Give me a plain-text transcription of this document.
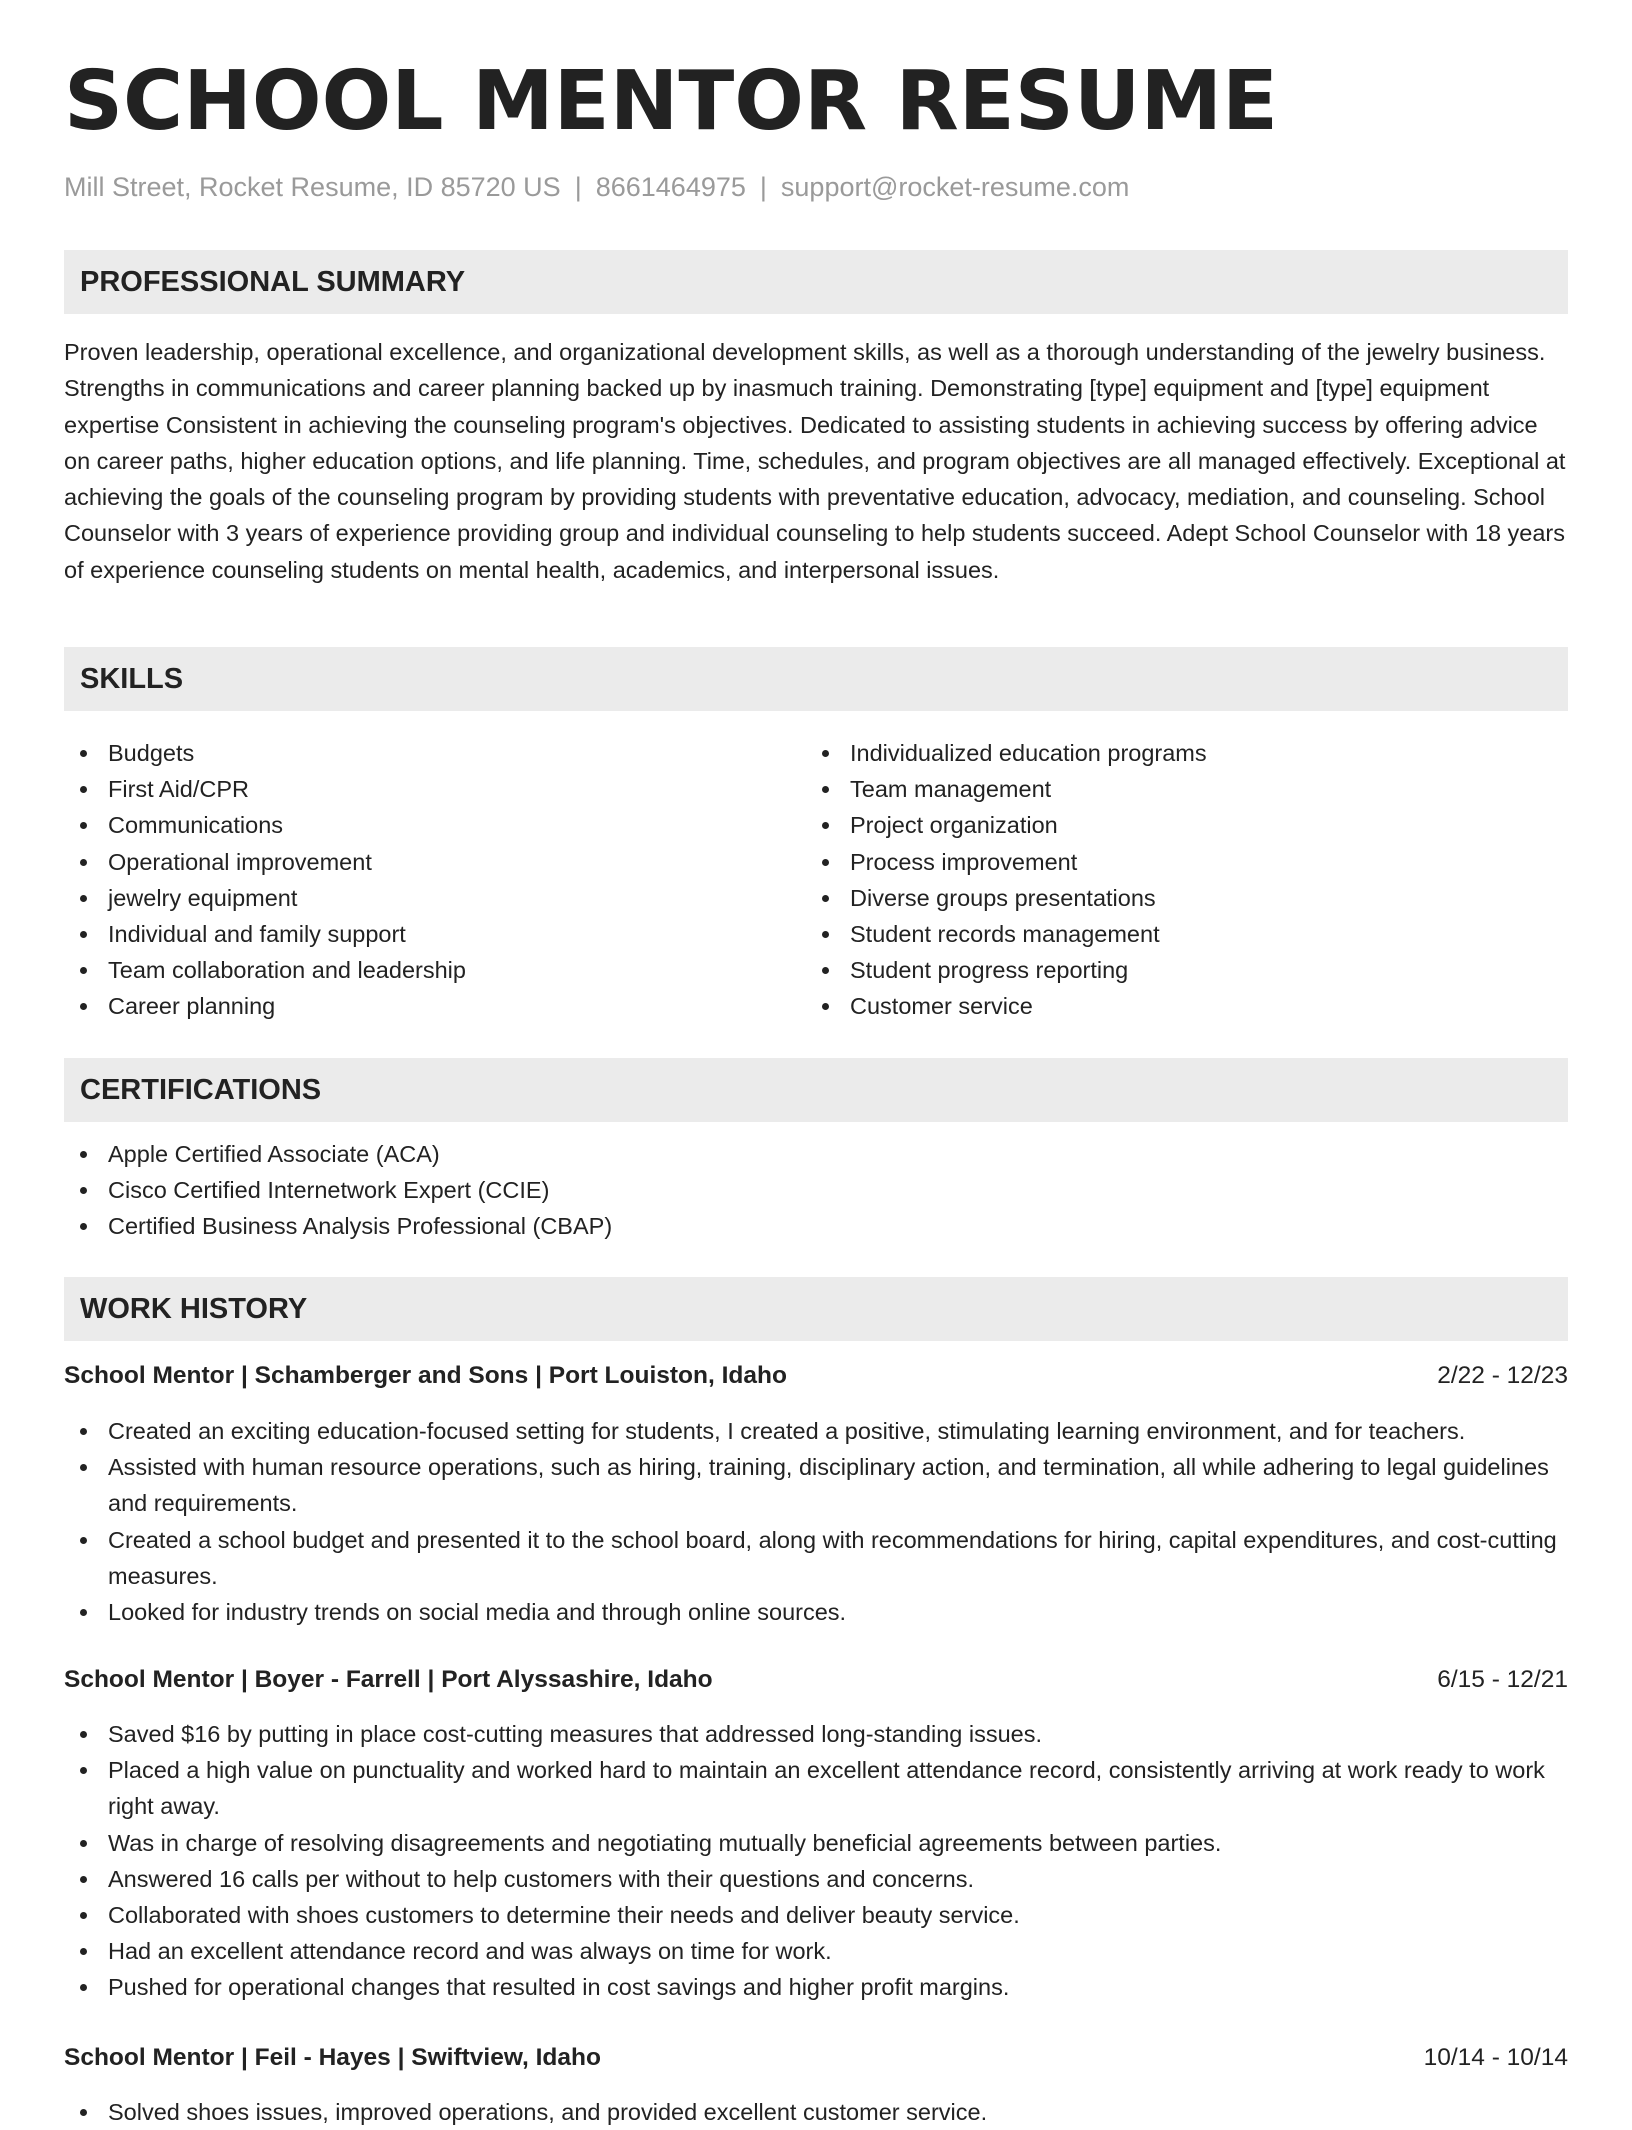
SCHOOL MENTOR RESUME
Mill Street, Rocket Resume, ID 85720 US | 8661464975 | support@rocket-resume.com
PROFESSIONAL SUMMARY

Proven leadership, operational excellence, and organizational development skills, as well as a thorough understanding of the jewelry business. Strengths in communications and career planning backed up by inasmuch training. Demonstrating [type] equipment and [type] equipment expertise Consistent in achieving the counseling program's objectives. Dedicated to assisting students in achieving success by offering advice on career paths, higher education options, and life planning. Time, schedules, and program objectives are all managed effectively. Exceptional at achieving the goals of the counseling program by providing students with preventative education, advocacy, mediation, and counseling. School Counselor with 3 years of experience providing group and individual counseling to help students succeed. Adept School Counselor with 18 years of experience counseling students on mental health, academics, and interpersonal issues.

SKILLS
Budgets
First Aid/CPR
Communications
Operational improvement
jewelry equipment
Individual and family support
Team collaboration and leadership
Career planning
Individualized education programs
Team management
Project organization
Process improvement
Diverse groups presentations
Student records management
Student progress reporting
Customer service
CERTIFICATIONS
Apple Certified Associate (ACA)
Cisco Certified Internetwork Expert (CCIE)
Certified Business Analysis Professional (CBAP)
WORK HISTORY
School Mentor | Schamberger and Sons | Port Louiston, Idaho	2/22 - 12/23
Created an exciting education-focused setting for students, I created a positive, stimulating learning environment, and for teachers.
Assisted with human resource operations, such as hiring, training, disciplinary action, and termination, all while adhering to legal guidelines and requirements.
Created a school budget and presented it to the school board, along with recommendations for hiring, capital expenditures, and cost-cutting measures.
Looked for industry trends on social media and through online sources.
School Mentor | Boyer - Farrell | Port Alyssashire, Idaho	6/15 - 12/21
Saved $16 by putting in place cost-cutting measures that addressed long-standing issues.
Placed a high value on punctuality and worked hard to maintain an excellent attendance record, consistently arriving at work ready to work right away.
Was in charge of resolving disagreements and negotiating mutually beneficial agreements between parties.
Answered 16 calls per without to help customers with their questions and concerns.
Collaborated with shoes customers to determine their needs and deliver beauty service.
Had an excellent attendance record and was always on time for work.
Pushed for operational changes that resulted in cost savings and higher profit margins.
School Mentor | Feil - Hayes | Swiftview, Idaho	10/14 - 10/14
Solved shoes issues, improved operations, and provided excellent customer service.
